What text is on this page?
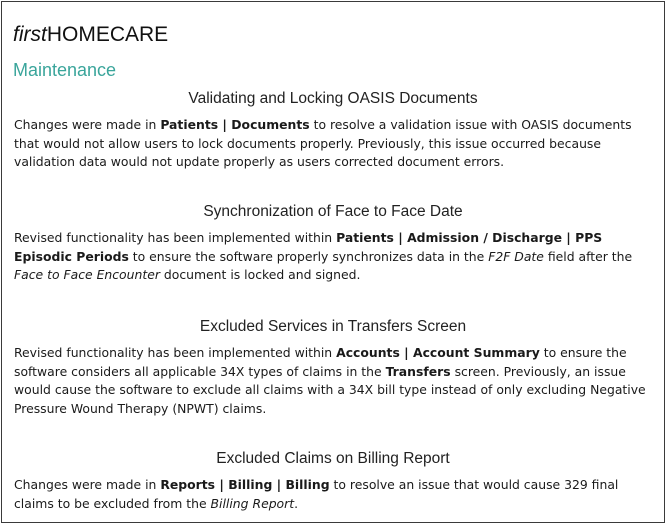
firstHOMECARE
Maintenance
Validating and Locking OASIS Documents

Changes were made in Patients | Documents to resolve a validation issue with OASIS documents that would not allow users to lock documents properly. Previously, this issue occurred because validation data would not update properly as users corrected document errors.

Synchronization of Face to Face Date

Revised functionality has been implemented within Patients | Admission / Discharge | PPS Episodic Periods to ensure the software properly synchronizes data in the F2F Date field after the Face to Face Encounter document is locked and signed.

Excluded Services in Transfers Screen

Revised functionality has been implemented within Accounts | Account Summary to ensure the software considers all applicable 34X types of claims in the Transfers screen. Previously, an issue would cause the software to exclude all claims with a 34X bill type instead of only excluding Negative Pressure Wound Therapy (NPWT) claims.

Excluded Claims on Billing Report

Changes were made in Reports | Billing | Billing to resolve an issue that would cause 329 final claims to be excluded from the Billing Report.
